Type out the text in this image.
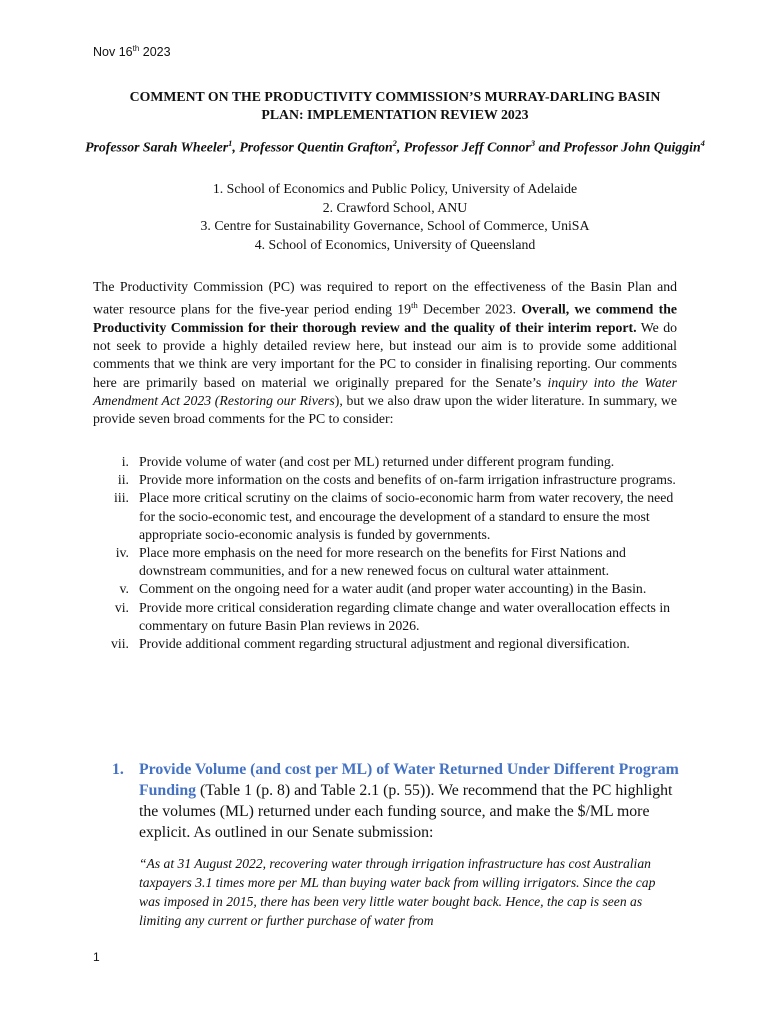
Nov 16th 2023
COMMENT ON THE PRODUCTIVITY COMMISSION’S MURRAY-DARLING BASIN
PLAN: IMPLEMENTATION REVIEW 2023
Professor Sarah Wheeler$^1$, Professor Quentin Grafton$^2$, Professor Jeff Connor$^3$ and Professor John Quiggin$^4$
1. School of Economics and Public Policy, University of Adelaide
2. Crawford School, ANU
3. Centre for Sustainability Governance, School of Commerce, UniSA
4. School of Economics, University of Queensland
The Productivity Commission (PC) was required to report on the effectiveness of the Basin Plan and water resource plans for the five-year period ending 19th December 2023. Overall, we commend the Productivity Commission for their thorough review and the quality of their interim report. We do not seek to provide a highly detailed review here, but instead our aim is to provide some additional comments that we think are very important for the PC to consider in finalising reporting. Our comments here are primarily based on material we originally prepared for the Senate’s inquiry into the Water Amendment Act 2023 (Restoring our Rivers), but we also draw upon the wider literature. In summary, we provide seven broad comments for the PC to consider:
i. Provide volume of water (and cost per ML) returned under different program funding.
ii. Provide more information on the costs and benefits of on-farm irrigation infrastructure programs.
iii. Place more critical scrutiny on the claims of socio-economic harm from water recovery, the need for the socio-economic test, and encourage the development of a standard to ensure the most appropriate socio-economic analysis is funded by governments.
iv. Place more emphasis on the need for more research on the benefits for First Nations and downstream communities, and for a new renewed focus on cultural water attainment.
v. Comment on the ongoing need for a water audit (and proper water accounting) in the Basin.
vi. Provide more critical consideration regarding climate change and water overallocation effects in commentary on future Basin Plan reviews in 2026.
vii. Provide additional comment regarding structural adjustment and regional diversification.
1. Provide Volume (and cost per ML) of Water Returned Under Different Program Funding (Table 1 (p. 8) and Table 2.1 (p. 55)). We recommend that the PC highlight the volumes (ML) returned under each funding source, and make the $/ML more explicit. As outlined in our Senate submission:
“As at 31 August 2022, recovering water through irrigation infrastructure has cost Australian taxpayers 3.1 times more per ML than buying water back from willing irrigators. Since the cap was imposed in 2015, there has been very little water bought back. Hence, the cap is seen as limiting any current or further purchase of water from
1
